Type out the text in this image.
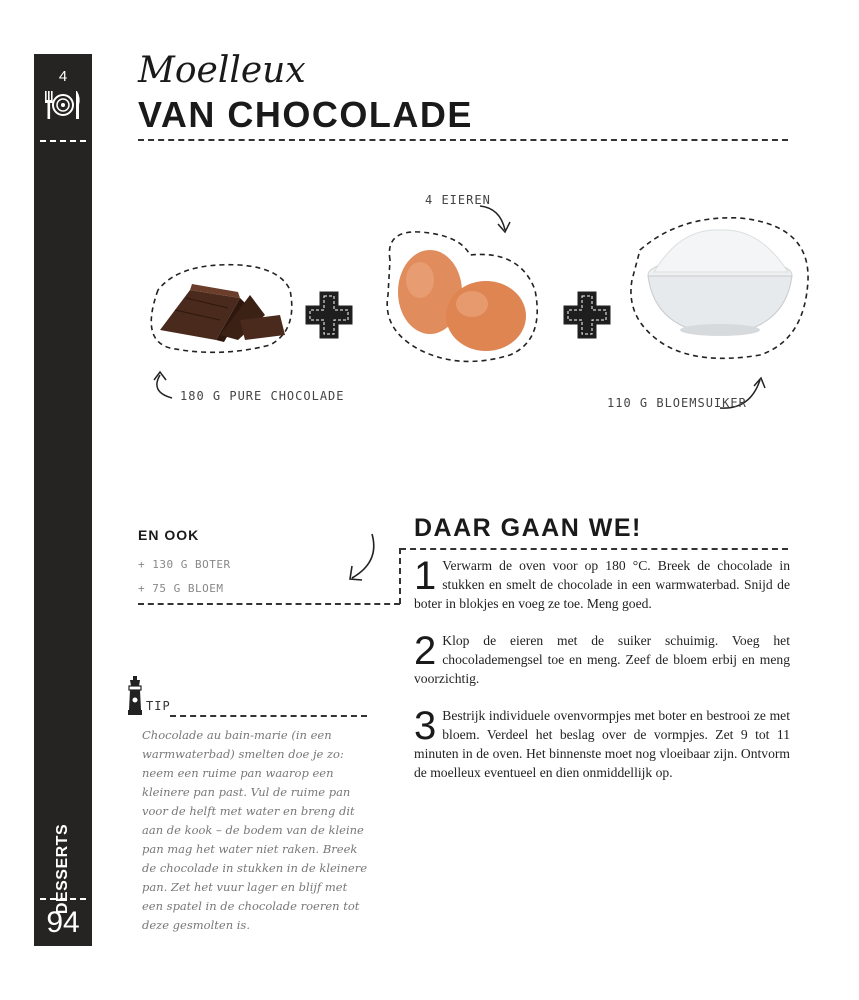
4
DESSERTS
94
Moelleux
VAN CHOCOLADE
4 EIEREN
180 G PURE CHOCOLADE	110 G BLOEMSUIKER
EN OOK
+ 130 G BOTER
+ 75 G BLOEM
TIP
Chocolade au bain-marie (in een warmwaterbad) smelten doe je zo: neem een ruime pan waarop een kleinere pan past. Vul de ruime pan voor de helft met water en breng dit aan de kook – de bodem van de kleine pan mag het water niet raken. Breek de chocolade in stukken in de kleinere pan. Zet het vuur lager en blijf met een spatel in de chocolade roeren tot deze gesmolten is.
DAAR GAAN WE!
1 Verwarm de oven voor op 180 °C. Breek de chocolade in stukken en smelt de chocolade in een warmwaterbad. Snijd de boter in blokjes en voeg ze toe. Meng goed.
2 Klop de eieren met de suiker schuimig. Voeg het chocolademengsel toe en meng. Zeef de bloem erbij en meng voorzichtig.
3 Bestrijk individuele ovenvormpjes met boter en bestrooi ze met bloem. Verdeel het beslag over de vormpjes. Zet 9 tot 11 minuten in de oven. Het binnenste moet nog vloeibaar zijn. Ontvorm de moelleux eventueel en dien onmiddellijk op.
